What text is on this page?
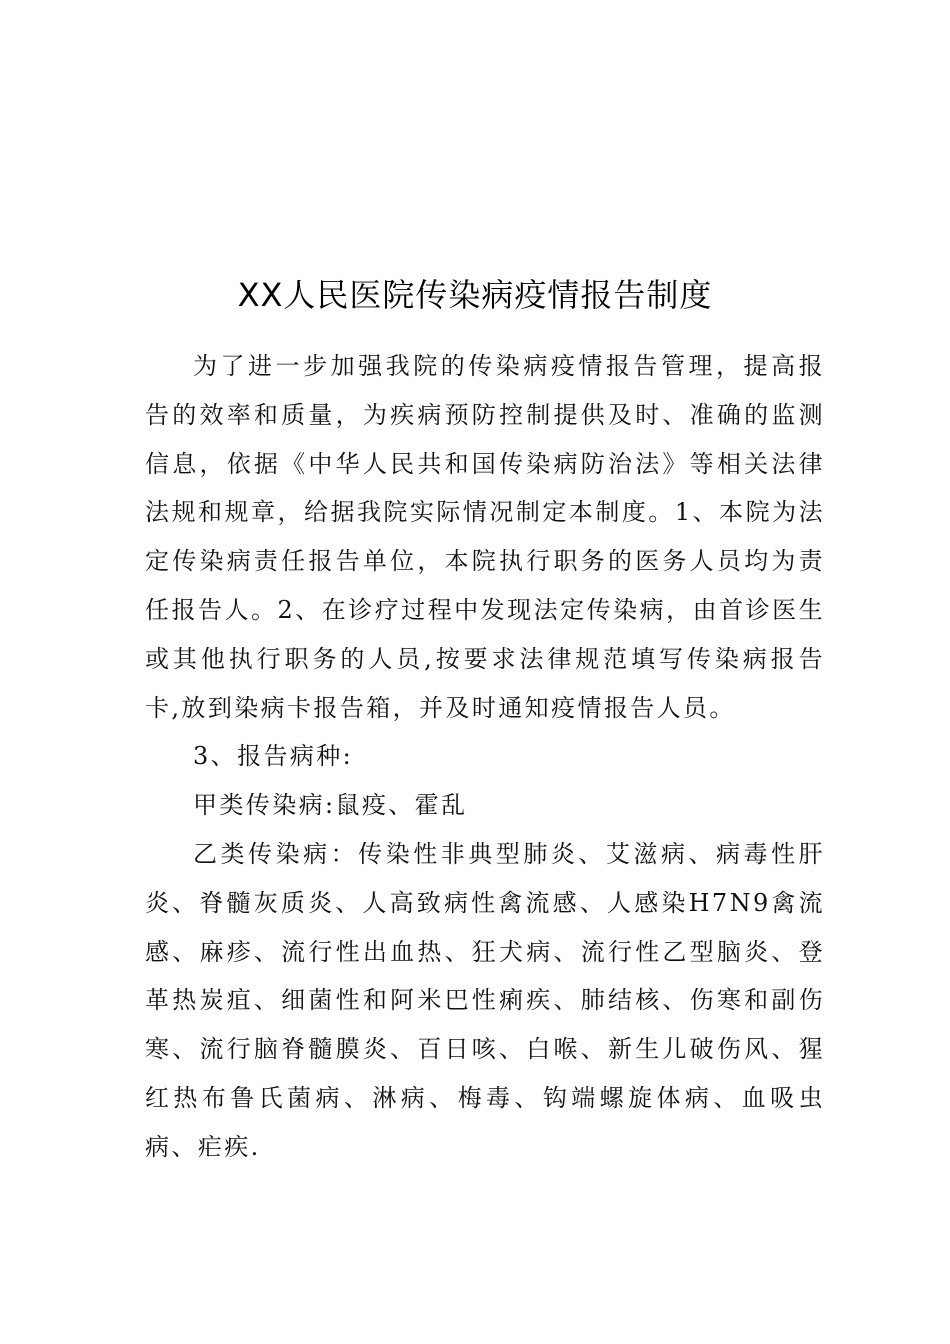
XX人民医院传染病疫情报告制度

为了进一步加强我院的传染病疫情报告管理，提高报告的效率和质量，为疾病预防控制提供及时、准确的监测信息，依据《中华人民共和国传染病防治法》等相关法律法规和规章，给据我院实际情况制定本制度。1、本院为法定传染病责任报告单位，本院执行职务的医务人员均为责任报告人。2、在诊疗过程中发现法定传染病，由首诊医生或其他执行职务的人员,按要求法律规范填写传染病报告卡,放到染病卡报告箱，并及时通知疫情报告人员。

3、报告病种:

甲类传染病:鼠疫、霍乱

乙类传染病：传染性非典型肺炎、艾滋病、病毒性肝炎、脊髓灰质炎、人高致病性禽流感、人感染H7N9禽流感、麻疹、流行性出血热、狂犬病、流行性乙型脑炎、登革热炭疽、细菌性和阿米巴性痢疾、肺结核、伤寒和副伤寒、流行脑脊髓膜炎、百日咳、白喉、新生儿破伤风、猩红热布鲁氏菌病、淋病、梅毒、钩端螺旋体病、血吸虫病、疟疾.
